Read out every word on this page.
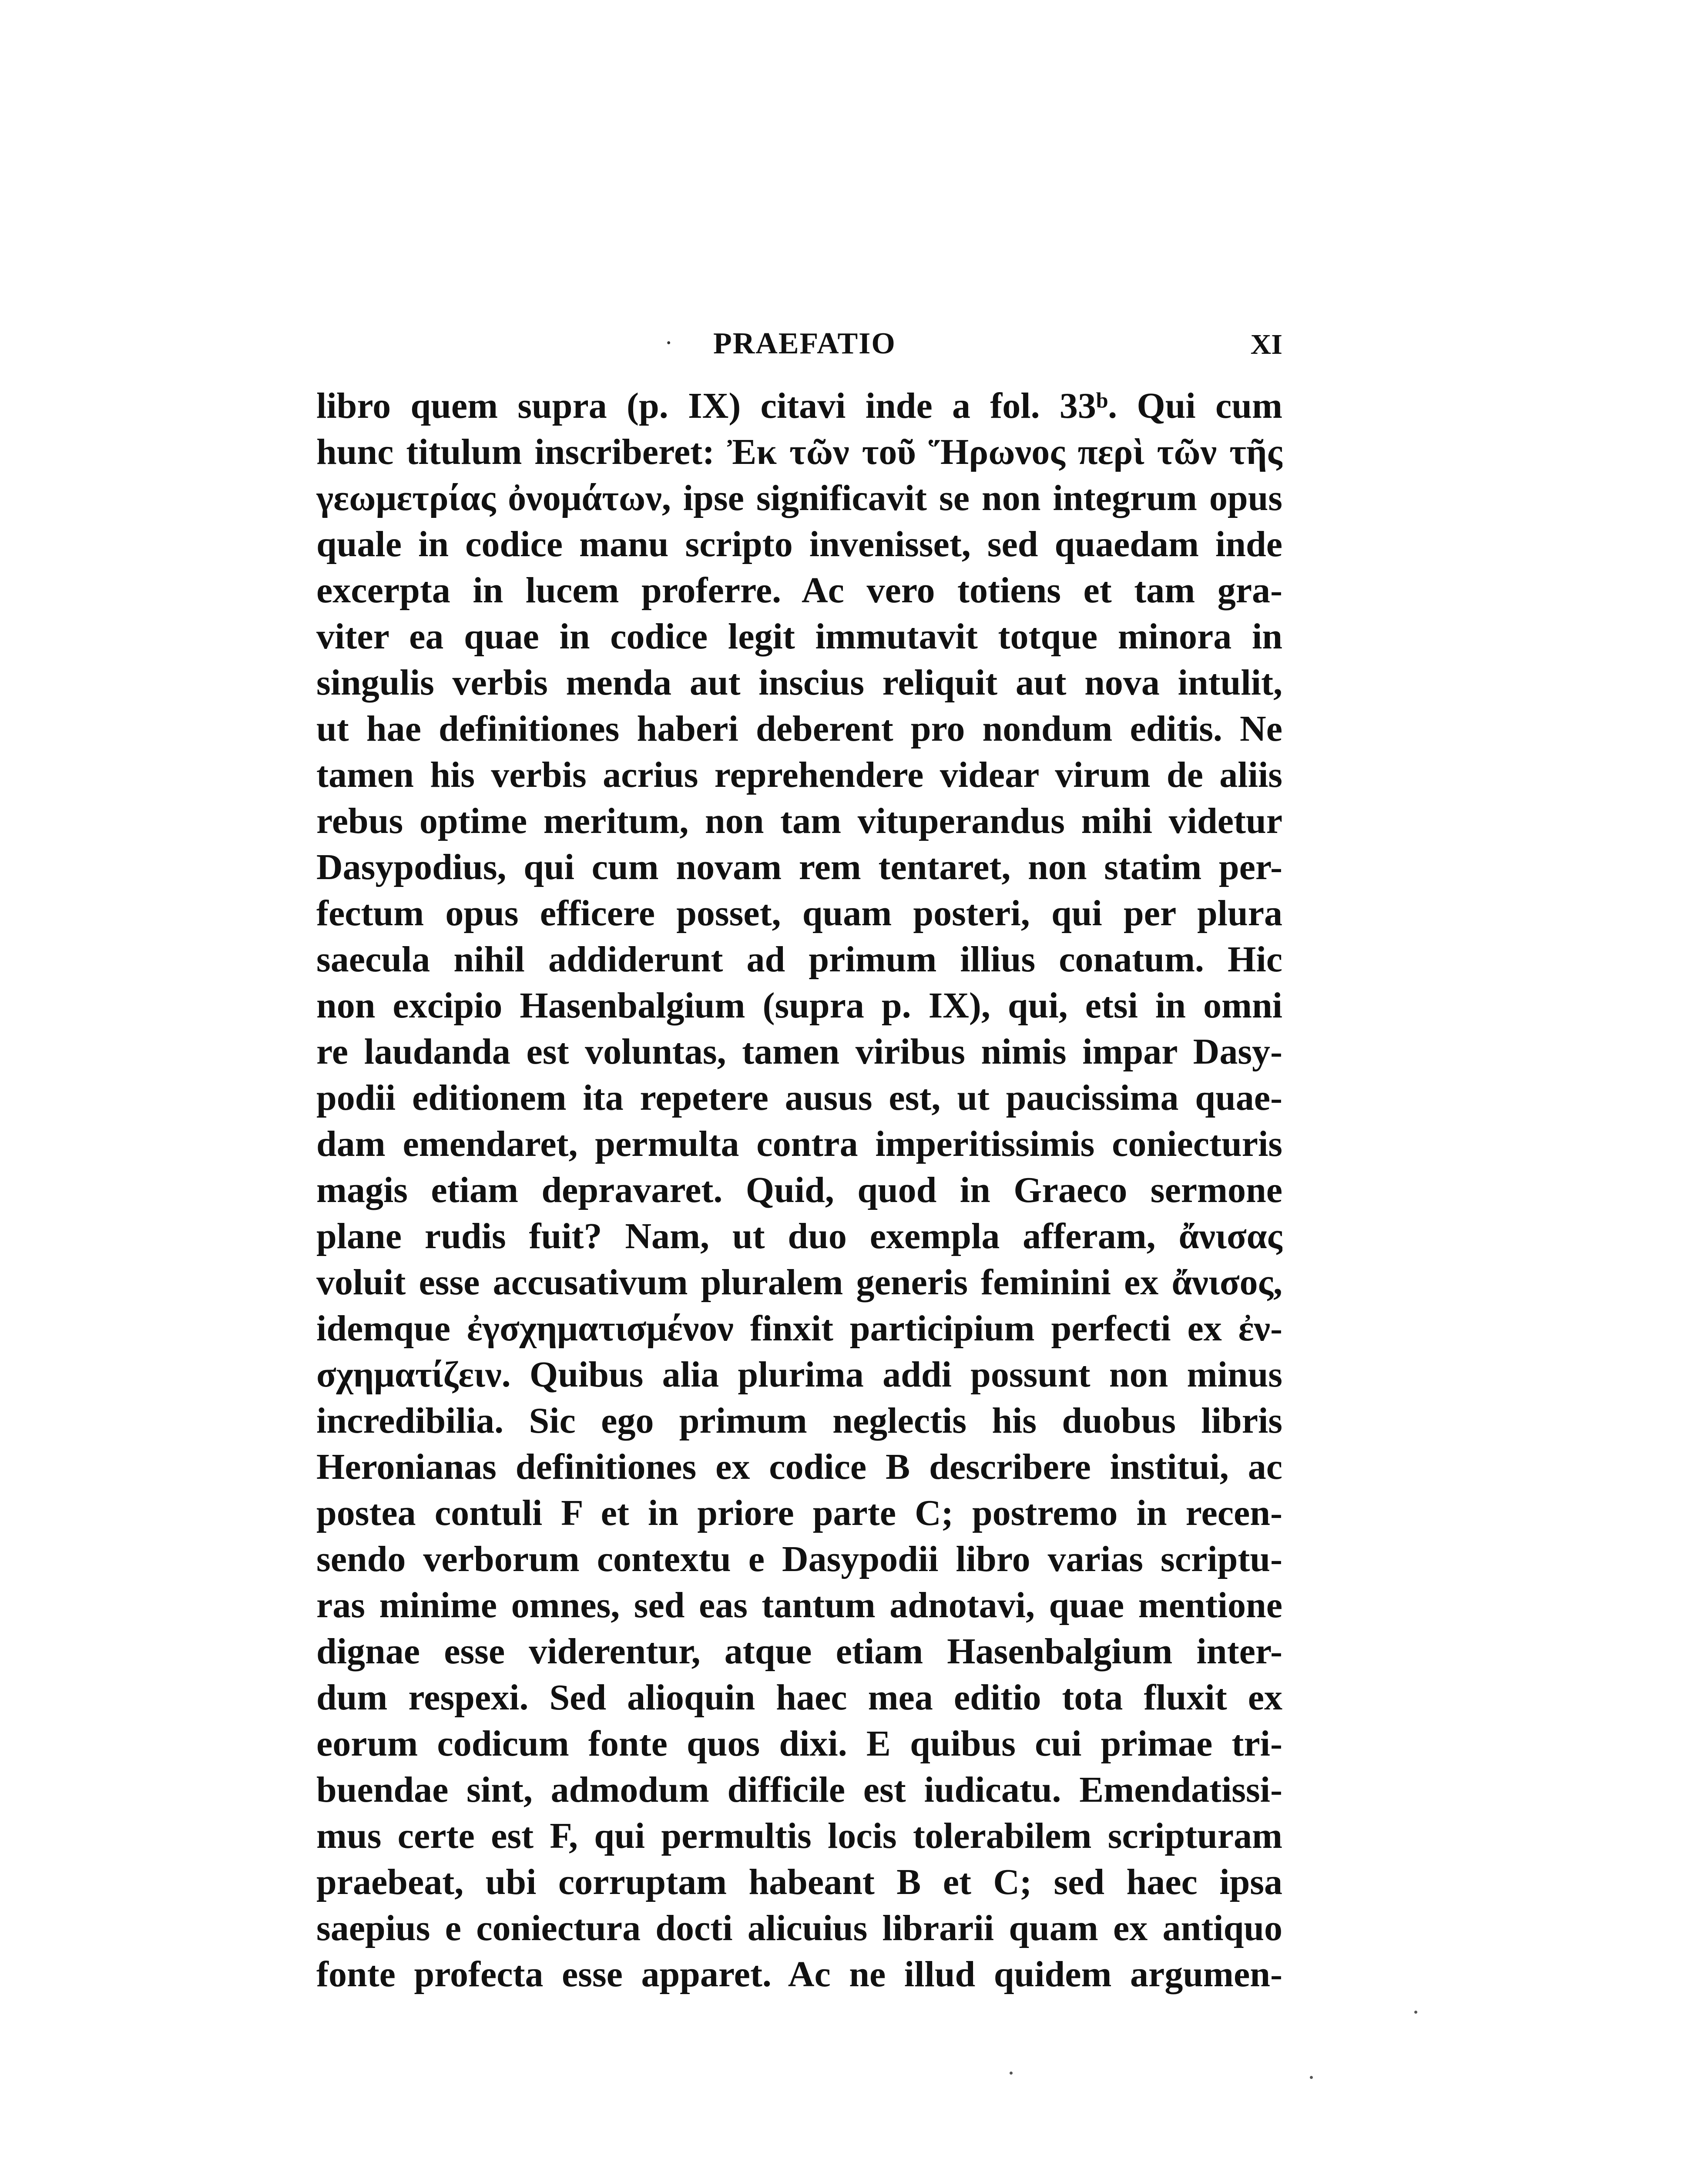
· PRAEFATIO	XI
libro quem supra (p. IX) citavi inde a fol. 33ᵇ. Qui cum
hunc titulum inscriberet: Ἐκ τῶν τοῦ Ἥρωνος περὶ τῶν τῆς
γεωμετρίας ὀνομάτων, ipse significavit se non integrum opus
quale in codice manu scripto invenisset, sed quaedam inde
excerpta in lucem proferre. Ac vero totiens et tam gra-
viter ea quae in codice legit immutavit totque minora in
singulis verbis menda aut inscius reliquit aut nova intulit,
ut hae definitiones haberi deberent pro nondum editis. Ne
tamen his verbis acrius reprehendere videar virum de aliis
rebus optime meritum, non tam vituperandus mihi videtur
Dasypodius, qui cum novam rem tentaret, non statim per-
fectum opus efficere posset, quam posteri, qui per plura
saecula nihil addiderunt ad primum illius conatum. Hic
non excipio Hasenbalgium (supra p. IX), qui, etsi in omni
re laudanda est voluntas, tamen viribus nimis impar Dasy-
podii editionem ita repetere ausus est, ut paucissima quae-
dam emendaret, permulta contra imperitissimis coniecturis
magis etiam depravaret. Quid, quod in Graeco sermone
plane rudis fuit? Nam, ut duo exempla afferam, ἄνισας
voluit esse accusativum pluralem generis feminini ex ἄνισος,
idemque ἐγσχηματισμένον finxit participium perfecti ex ἐν-
σχηματίζειν. Quibus alia plurima addi possunt non minus
incredibilia. Sic ego primum neglectis his duobus libris
Heronianas definitiones ex codice B describere institui, ac
postea contuli F et in priore parte C; postremo in recen-
sendo verborum contextu e Dasypodii libro varias scriptu-
ras minime omnes, sed eas tantum adnotavi, quae mentione
dignae esse viderentur, atque etiam Hasenbalgium inter-
dum respexi. Sed alioquin haec mea editio tota fluxit ex
eorum codicum fonte quos dixi. E quibus cui primae tri-
buendae sint, admodum difficile est iudicatu. Emendatissi-
mus certe est F, qui permultis locis tolerabilem scripturam
praebeat, ubi corruptam habeant B et C; sed haec ipsa
saepius e coniectura docti alicuius librarii quam ex antiquo
fonte profecta esse apparet. Ac ne illud quidem argumen-
